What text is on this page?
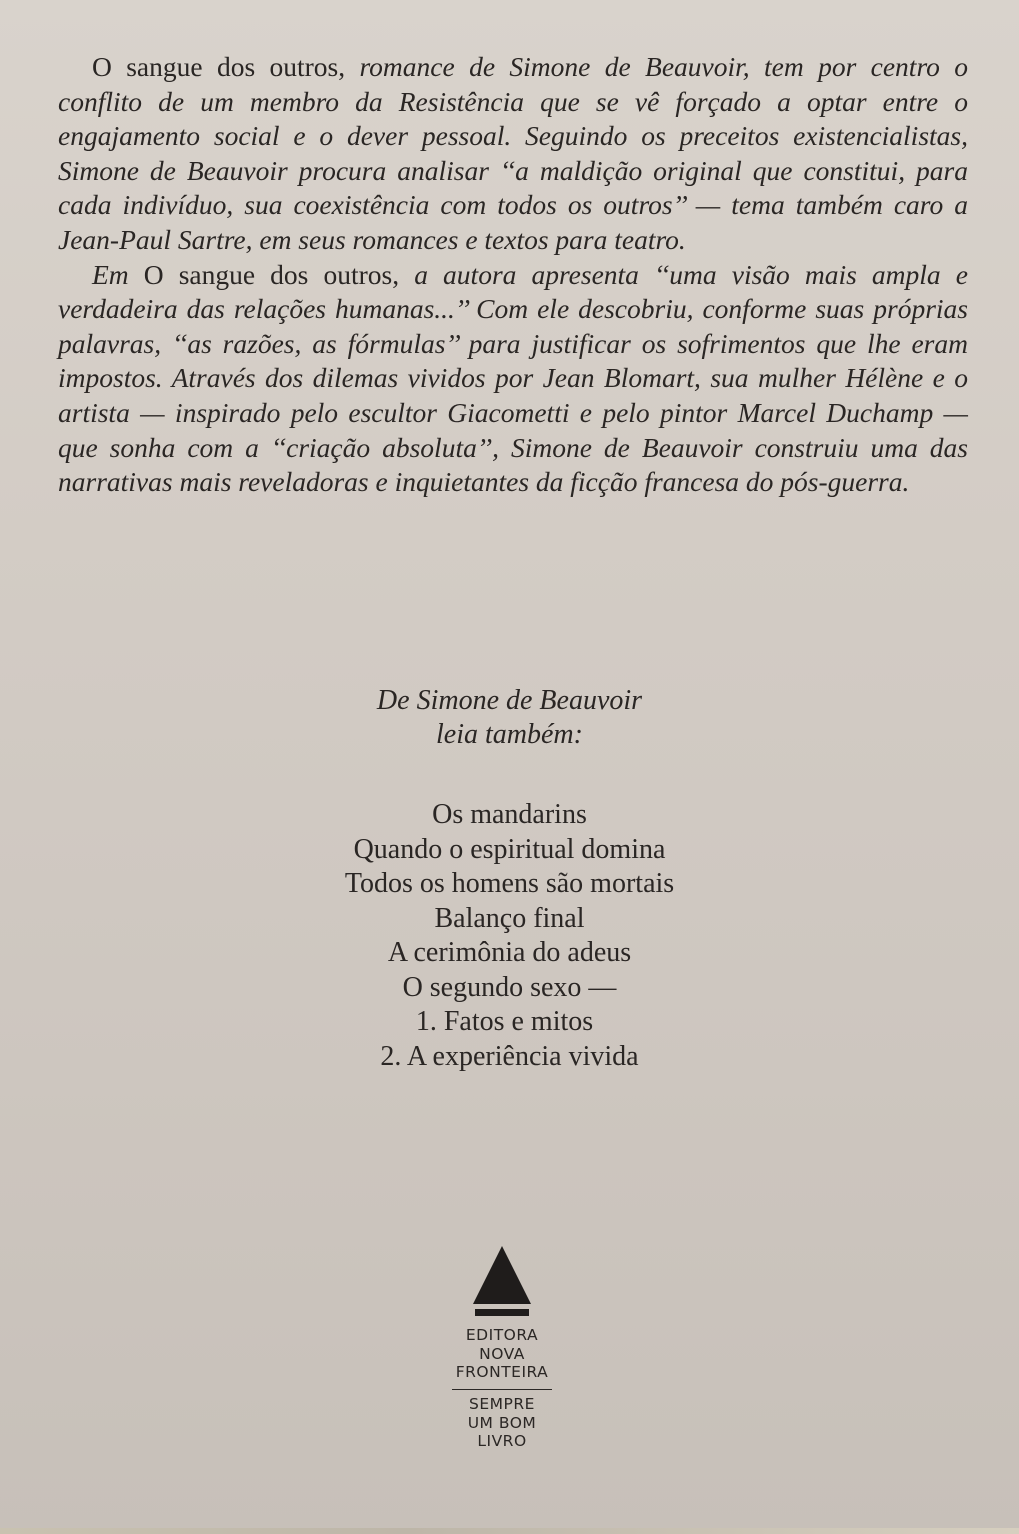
O sangue dos outros, romance de Simone de Beauvoir, tem por centro o conflito de um membro da Resistência que se vê forçado a optar entre o engajamento social e o dever pessoal. Seguindo os preceitos existencialistas, Simone de Beauvoir procura analisar ‘‘a maldição original que constitui, para cada indivíduo, sua coexistência com todos os outros’’ — tema também caro a Jean-Paul Sartre, em seus romances e textos para teatro.

Em O sangue dos outros, a autora apresenta ‘‘uma visão mais ampla e verdadeira das relações humanas...’’ Com ele descobriu, conforme suas próprias palavras, ‘‘as razões, as fórmulas’’ para justificar os sofrimentos que lhe eram impostos. Através dos dilemas vividos por Jean Blomart, sua mulher Hélène e o artista — inspirado pelo escultor Giacometti e pelo pintor Marcel Duchamp — que sonha com a ‘‘criação absoluta’’, Simone de Beauvoir construiu uma das narrativas mais reveladoras e inquietantes da ficção francesa do pós-guerra.

De Simone de Beauvoir
leia também:

Os mandarins
Quando o espiritual domina
Todos os homens são mortais
Balanço final
A cerimônia do adeus
O segundo sexo —
1. Fatos e mitos
2. A experiência vivida
EDITORA
NOVA
FRONTEIRA
SEMPRE
UM BOM
LIVRO
